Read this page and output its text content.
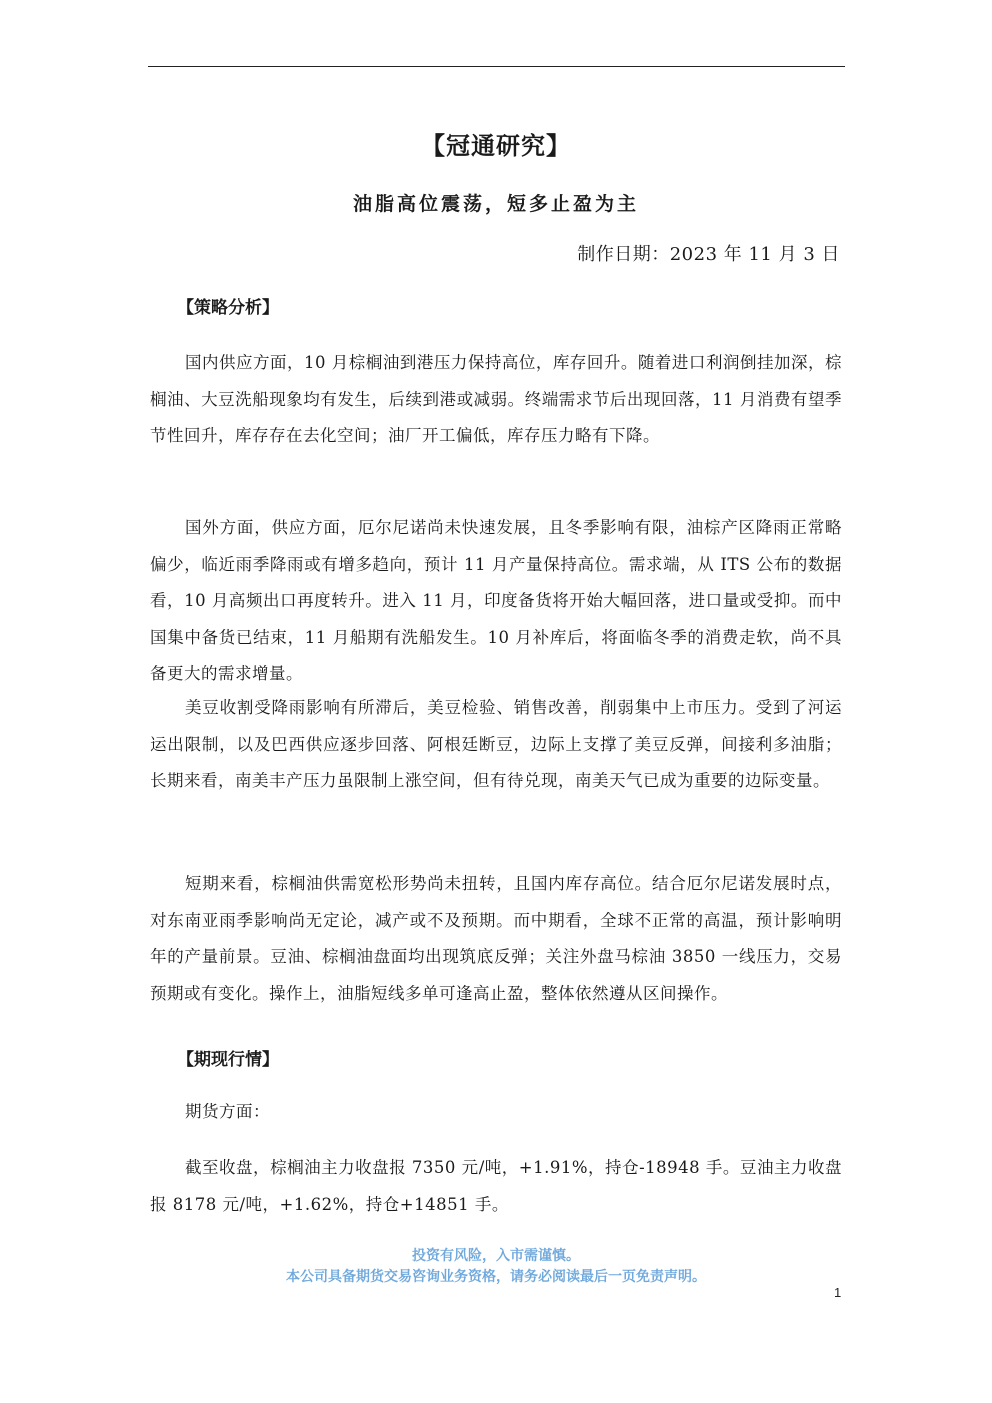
【冠通研究】
油脂高位震荡，短多止盈为主
制作日期：2023 年 11 月 3 日
【策略分析】

国内供应方面，10 月棕榈油到港压力保持高位，库存回升。随着进口利润倒挂加深，棕榈油、大豆洗船现象均有发生，后续到港或减弱。终端需求节后出现回落，11 月消费有望季节性回升，库存存在去化空间；油厂开工偏低，库存压力略有下降。

国外方面，供应方面，厄尔尼诺尚未快速发展，且冬季影响有限，油棕产区降雨正常略偏少，临近雨季降雨或有增多趋向，预计 11 月产量保持高位。需求端，从 ITS 公布的数据看，10 月高频出口再度转升。进入 11 月，印度备货将开始大幅回落，进口量或受抑。而中国集中备货已结束，11 月船期有洗船发生。10 月补库后，将面临冬季的消费走软，尚不具备更大的需求增量。

美豆收割受降雨影响有所滞后，美豆检验、销售改善，削弱集中上市压力。受到了河运运出限制，以及巴西供应逐步回落、阿根廷断豆，边际上支撑了美豆反弹，间接利多油脂；长期来看，南美丰产压力虽限制上涨空间，但有待兑现，南美天气已成为重要的边际变量。

短期来看，棕榈油供需宽松形势尚未扭转，且国内库存高位。结合厄尔尼诺发展时点，对东南亚雨季影响尚无定论，减产或不及预期。而中期看，全球不正常的高温，预计影响明年的产量前景。豆油、棕榈油盘面均出现筑底反弹；关注外盘马棕油 3850 一线压力，交易预期或有变化。操作上，油脂短线多单可逢高止盈，整体依然遵从区间操作。

【期现行情】

期货方面：

截至收盘，棕榈油主力收盘报 7350 元/吨，+1.91%，持仓-18948 手。豆油主力收盘报 8178 元/吨，+1.62%，持仓+14851 手。

投资有风险，入市需谨慎。
本公司具备期货交易咨询业务资格，请务必阅读最后一页免责声明。
1
